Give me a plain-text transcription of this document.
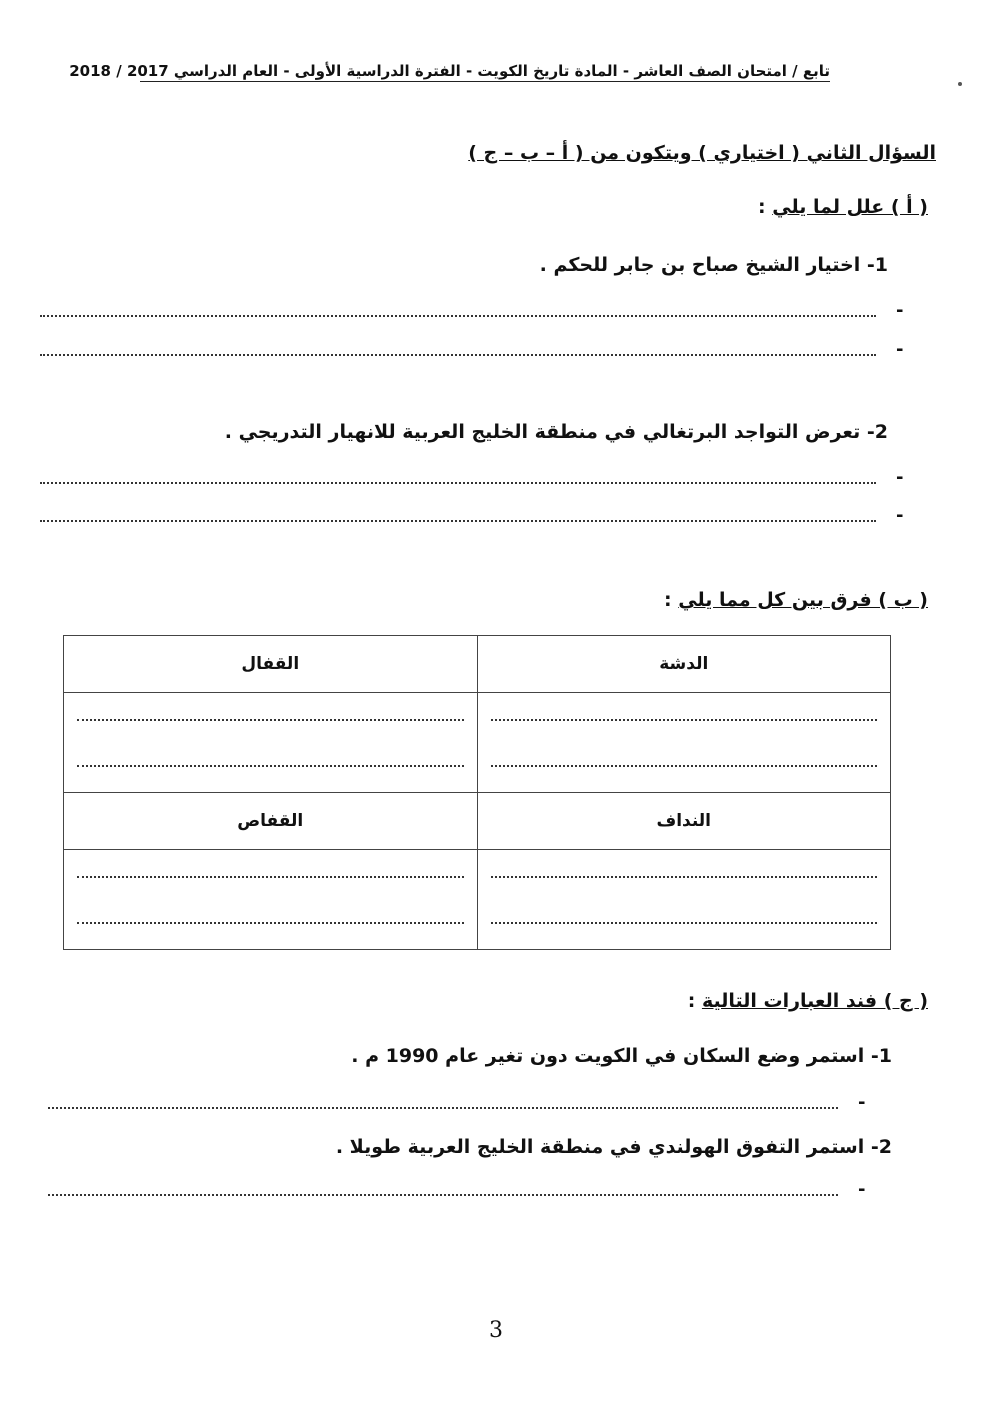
تابع / امتحان الصف العاشر - المادة تاريخ الكويت - الفترة الدراسية الأولى - العام الدراسي 2017 / 2018
السؤال الثاني ( اختياري ) ويتكون من ( أ – ب – ج )
( أ ) علل لما يلي :
1- اختيار الشيخ صباح بن جابر للحكم .
-
-
2- تعرض التواجد البرتغالي في منطقة الخليج العربية للانهيار التدريجي .
-
-
( ب ) فرق بين كل مما يلي :
الدشة	القفال

النداف	القفاص

( ج ) فند العبارات التالية :
1- استمر وضع السكان في الكويت دون تغير عام 1990 م .
-
2- استمر التفوق الهولندي في منطقة الخليج العربية طويلا .
-
3
